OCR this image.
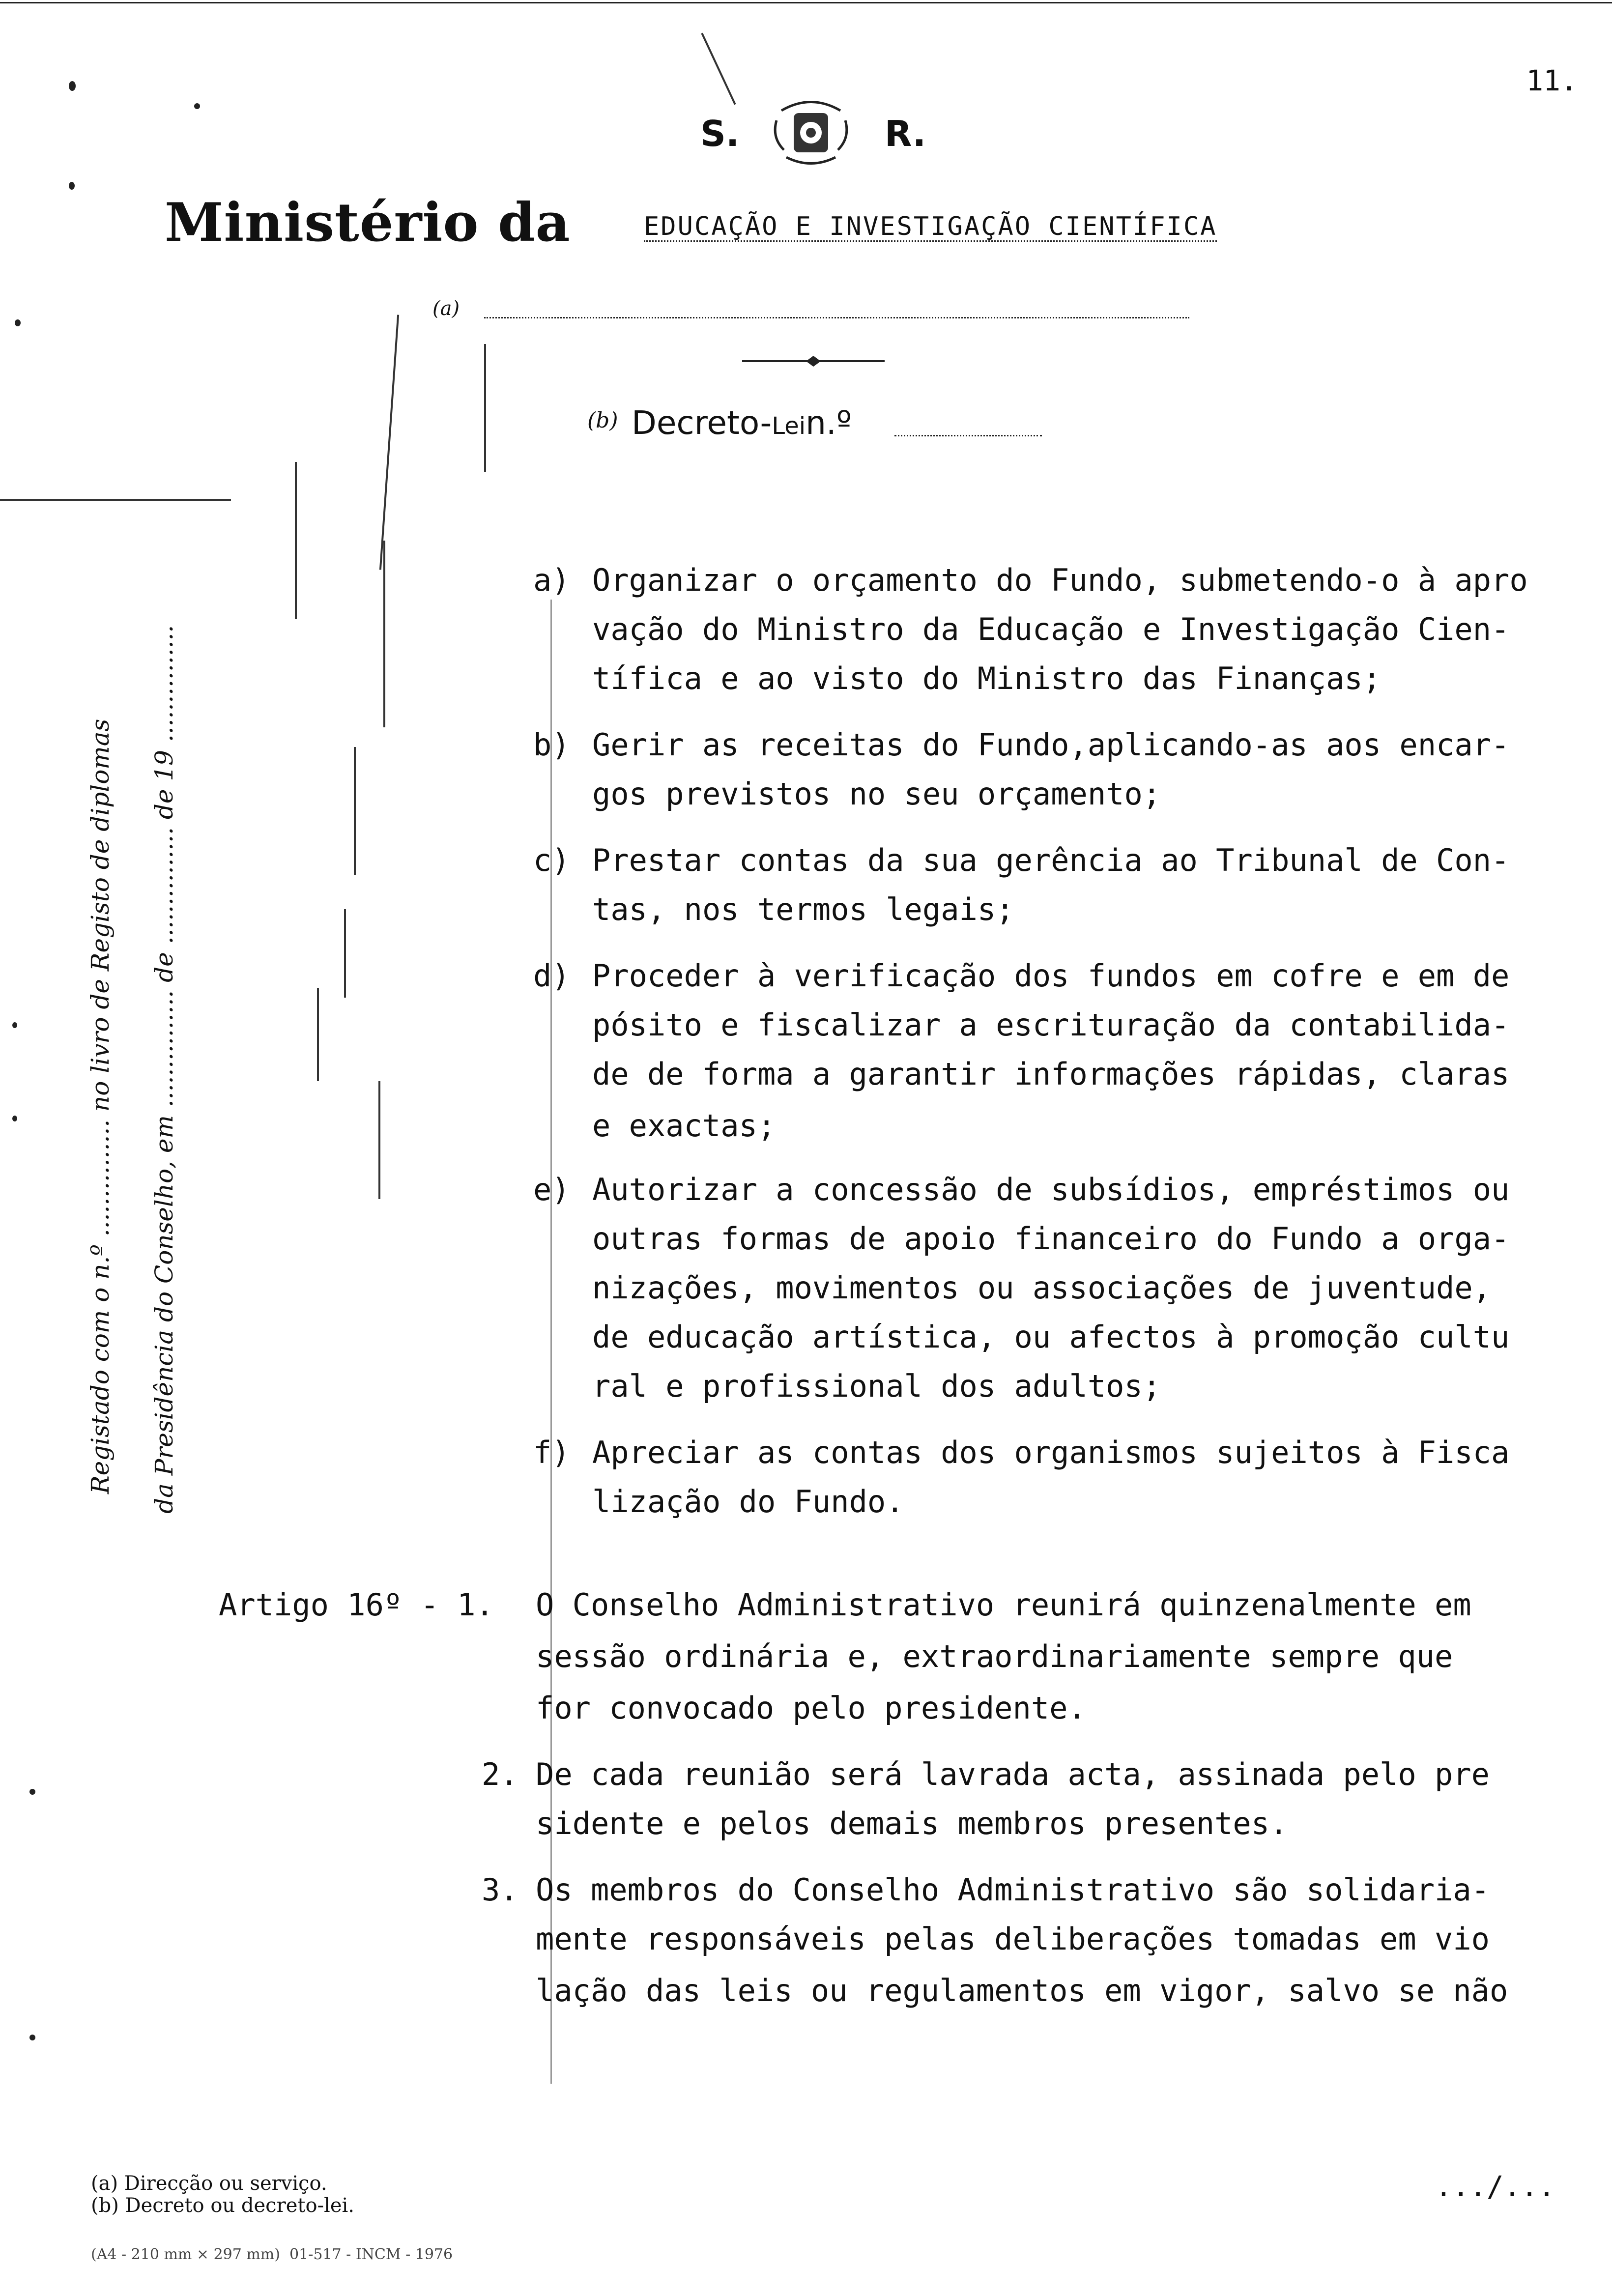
11.
S.	R.
Ministério da	EDUCAÇÃO E INVESTIGAÇÃO CIENTÍFICA
(a)
(b) Decreto-Lein.º
Registado com o n.º ............... no livro de Registo de diplomas da Presidência do Conselho, em ............... de ............... de 19 ...............
a) Organizar o orçamento do Fundo, submetendo-o à apro
vação do Ministro da Educação e Investigação Cien-
tífica e ao visto do Ministro das Finanças;
b) Gerir as receitas do Fundo,aplicando-as aos encar-
gos previstos no seu orçamento;
c) Prestar contas da sua gerência ao Tribunal de Con-
tas, nos termos legais;
d) Proceder à verificação dos fundos em cofre e em de
pósito e fiscalizar a escrituração da contabilida-
de de forma a garantir informações rápidas, claras
e exactas;
e) Autorizar a concessão de subsídios, empréstimos ou
outras formas de apoio financeiro do Fundo a orga-
nizações, movimentos ou associações de juventude,
de educação artística, ou afectos à promoção cultu
ral e profissional dos adultos;
f) Apreciar as contas dos organismos sujeitos à Fisca
lização do Fundo.
Artigo 16º - 1. O Conselho Administrativo reunirá quinzenalmente em
sessão ordinária e, extraordinariamente sempre que
for convocado pelo presidente.
2. De cada reunião será lavrada acta, assinada pelo pre
sidente e pelos demais membros presentes.
3. Os membros do Conselho Administrativo são solidaria-
mente responsáveis pelas deliberações tomadas em vio
lação das leis ou regulamentos em vigor, salvo se não
.../...
(a) Direcção ou serviço.
(b) Decreto ou decreto-lei.
(A4 - 210 mm × 297 mm)  01-517 - INCM - 1976
